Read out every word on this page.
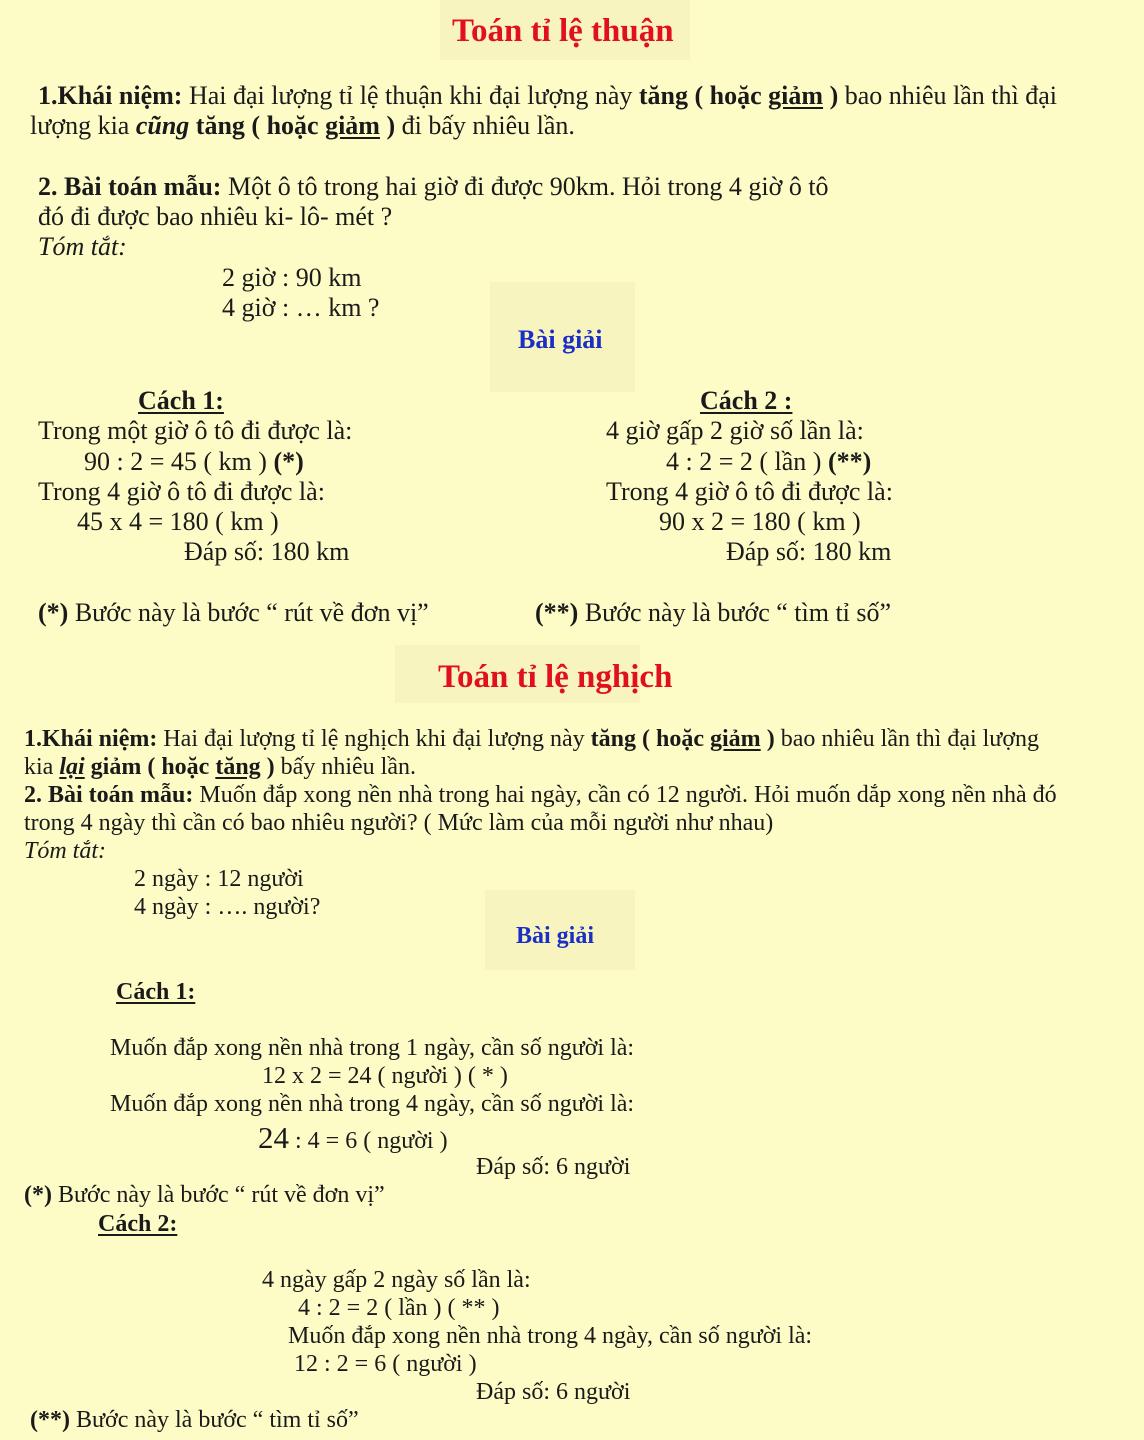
Toán tỉ lệ thuận
1.Khái niệm: Hai đại lượng tỉ lệ thuận khi đại lượng này tăng ( hoặc giảm ) bao nhiêu lần thì đại
lượng kia cũng tăng ( hoặc giảm ) đi bấy nhiêu lần.
2. Bài toán mẫu: Một ô tô trong hai giờ đi được 90km. Hỏi trong 4 giờ ô tô
đó đi được bao nhiêu ki- lô- mét ?
Tóm tắt:
2 giờ : 90 km
4 giờ : … km ?
Bài giải
Cách 1:
Trong một giờ ô tô đi được là:
90 : 2 = 45 ( km ) (*)
Trong 4 giờ ô tô đi được là:
45 x 4 = 180 ( km )
Đáp số: 180 km
Cách 2 :
4 giờ gấp 2 giờ số lần là:
4 : 2 = 2 ( lần ) (**)
Trong 4 giờ ô tô đi được là:
90 x 2 = 180 ( km )
Đáp số: 180 km
(*) Bước này là bước “ rút về đơn vị”	(**) Bước này là bước “ tìm tỉ số”
Toán tỉ lệ nghịch
1.Khái niệm: Hai đại lượng tỉ lệ nghịch khi đại lượng này tăng ( hoặc giảm ) bao nhiêu lần thì đại lượng
kia lại giảm ( hoặc tăng ) bấy nhiêu lần.
2. Bài toán mẫu: Muốn đắp xong nền nhà trong hai ngày, cần có 12 người. Hỏi muốn dắp xong nền nhà đó
trong 4 ngày thì cần có bao nhiêu người? ( Mức làm của mỗi người như nhau)
Tóm tắt:
2 ngày : 12 người
4 ngày : …. người?
Bài giải
Cách 1:
Muốn đắp xong nền nhà trong 1 ngày, cần số người là:
12 x 2 = 24 ( người ) ( * )
Muốn đắp xong nền nhà trong 4 ngày, cần số người là:
24 : 4 = 6 ( người )
Đáp số: 6 người
(*) Bước này là bước “ rút về đơn vị”
Cách 2:
4 ngày gấp 2 ngày số lần là:
4 : 2 = 2 ( lần ) ( ** )
Muốn đắp xong nền nhà trong 4 ngày, cần số người là:
12 : 2 = 6 ( người )
Đáp số: 6 người
(**) Bước này là bước “ tìm tỉ số”
